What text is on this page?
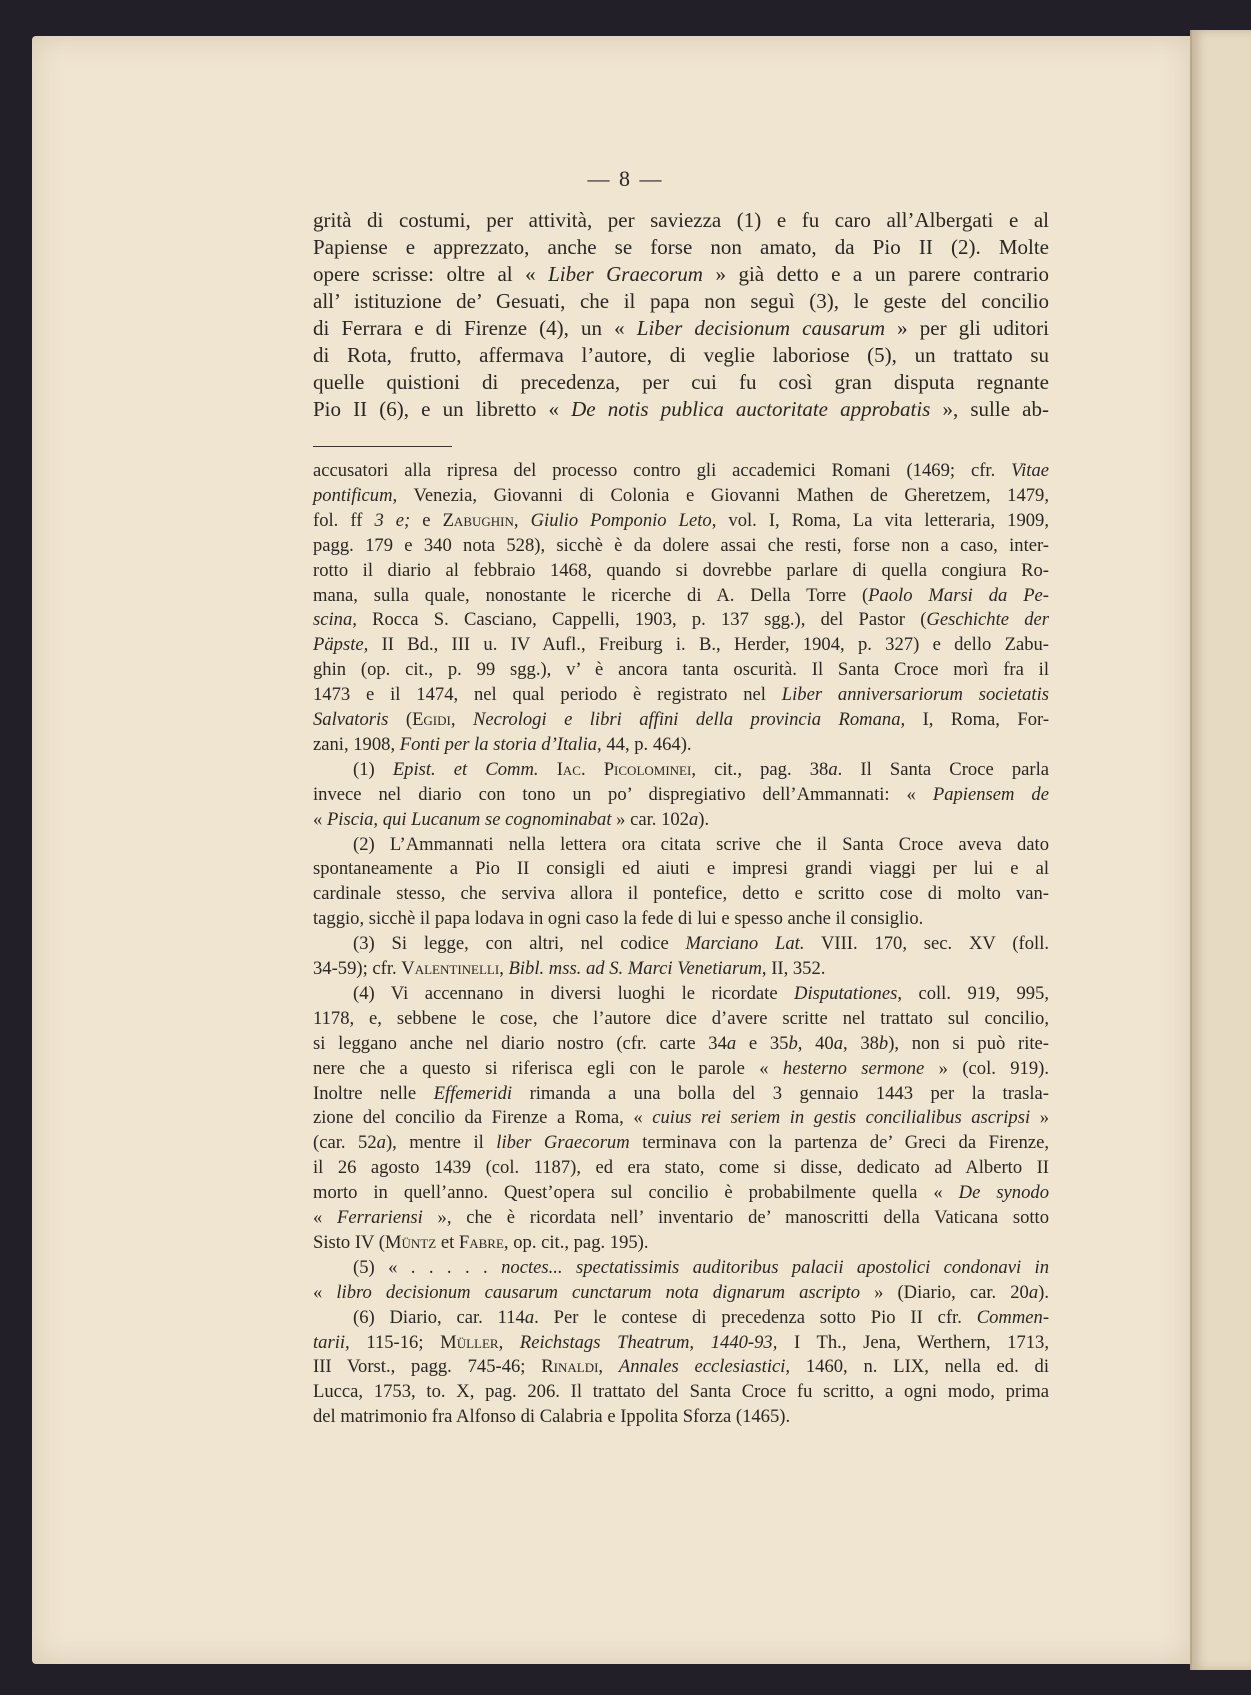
— 8 —
grità di costumi, per attività, per saviezza (1) e fu caro all’Albergati e al
Papiense e apprezzato, anche se forse non amato, da Pio II (2). Molte
opere scrisse: oltre al « Liber Graecorum » già detto e a un parere contrario
all’ istituzione de’ Gesuati, che il papa non seguì (3), le geste del concilio
di Ferrara e di Firenze (4), un « Liber decisionum causarum » per gli uditori
di Rota, frutto, affermava l’autore, di veglie laboriose (5), un trattato su
quelle quistioni di precedenza, per cui fu così gran disputa regnante
Pio II (6), e un libretto « De notis publica auctoritate approbatis », sulle ab-
accusatori alla ripresa del processo contro gli accademici Romani (1469; cfr. Vitae
pontificum, Venezia, Giovanni di Colonia e Giovanni Mathen de Gheretzem, 1479,
fol. ff 3 e; e Zabughin, Giulio Pomponio Leto, vol. I, Roma, La vita letteraria, 1909,
pagg. 179 e 340 nota 528), sicchè è da dolere assai che resti, forse non a caso, inter-
rotto il diario al febbraio 1468, quando si dovrebbe parlare di quella congiura Ro-
mana, sulla quale, nonostante le ricerche di A. Della Torre (Paolo Marsi da Pe-
scina, Rocca S. Casciano, Cappelli, 1903, p. 137 sgg.), del Pastor (Geschichte der
Päpste, II Bd., III u. IV Aufl., Freiburg i. B., Herder, 1904, p. 327) e dello Zabu-
ghin (op. cit., p. 99 sgg.), v’ è ancora tanta oscurità. Il Santa Croce morì fra il
1473 e il 1474, nel qual periodo è registrato nel Liber anniversariorum societatis
Salvatoris (Egidi, Necrologi e libri affini della provincia Romana, I, Roma, For-
zani, 1908, Fonti per la storia d’Italia, 44, p. 464).
(1) Epist. et Comm. Iac. Picolominei, cit., pag. 38a. Il Santa Croce parla
invece nel diario con tono un po’ dispregiativo dell’Ammannati: « Papiensem de
« Piscia, qui Lucanum se cognominabat » car. 102a).
(2) L’Ammannati nella lettera ora citata scrive che il Santa Croce aveva dato
spontaneamente a Pio II consigli ed aiuti e impresi grandi viaggi per lui e al
cardinale stesso, che serviva allora il pontefice, detto e scritto cose di molto van-
taggio, sicchè il papa lodava in ogni caso la fede di lui e spesso anche il consiglio.
(3) Si legge, con altri, nel codice Marciano Lat. VIII. 170, sec. XV (foll.
34-59); cfr. Valentinelli, Bibl. mss. ad S. Marci Venetiarum, II, 352.
(4) Vi accennano in diversi luoghi le ricordate Disputationes, coll. 919, 995,
1178, e, sebbene le cose, che l’autore dice d’avere scritte nel trattato sul concilio,
si leggano anche nel diario nostro (cfr. carte 34a e 35b, 40a, 38b), non si può rite-
nere che a questo si riferisca egli con le parole « hesterno sermone » (col. 919).
Inoltre nelle Effemeridi rimanda a una bolla del 3 gennaio 1443 per la trasla-
zione del concilio da Firenze a Roma, « cuius rei seriem in gestis concilialibus ascripsi »
(car. 52a), mentre il liber Graecorum terminava con la partenza de’ Greci da Firenze,
il 26 agosto 1439 (col. 1187), ed era stato, come si disse, dedicato ad Alberto II
morto in quell’anno. Quest’opera sul concilio è probabilmente quella « De synodo
« Ferrariensi », che è ricordata nell’ inventario de’ manoscritti della Vaticana sotto
Sisto IV (Müntz et Fabre, op. cit., pag. 195).
(5) « . . . . . noctes... spectatissimis auditoribus palacii apostolici condonavi in
« libro decisionum causarum cunctarum nota dignarum ascripto » (Diario, car. 20a).
(6) Diario, car. 114a. Per le contese di precedenza sotto Pio II cfr. Commen-
tarii, 115-16; Müller, Reichstags Theatrum, 1440-93, I Th., Jena, Werthern, 1713,
III Vorst., pagg. 745-46; Rinaldi, Annales ecclesiastici, 1460, n. LIX, nella ed. di
Lucca, 1753, to. X, pag. 206. Il trattato del Santa Croce fu scritto, a ogni modo, prima
del matrimonio fra Alfonso di Calabria e Ippolita Sforza (1465).
